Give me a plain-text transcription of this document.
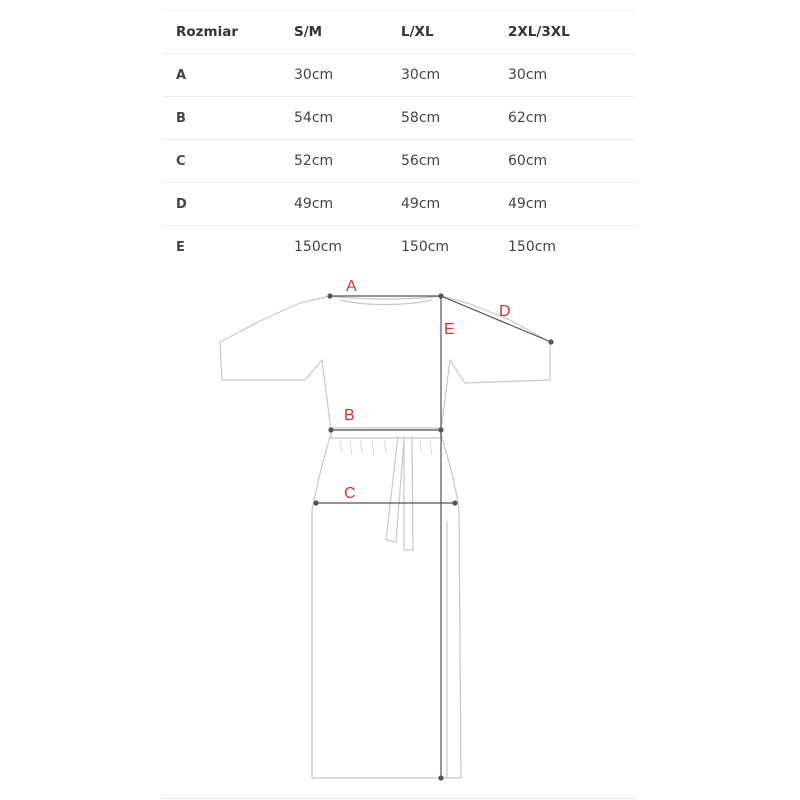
Rozmiar	S/M	L/XL	2XL/3XL
A	30cm	30cm	30cm
B	54cm	58cm	62cm
C	52cm	56cm	60cm
D	49cm	49cm	49cm
E	150cm	150cm	150cm
A
D
E
B
C
